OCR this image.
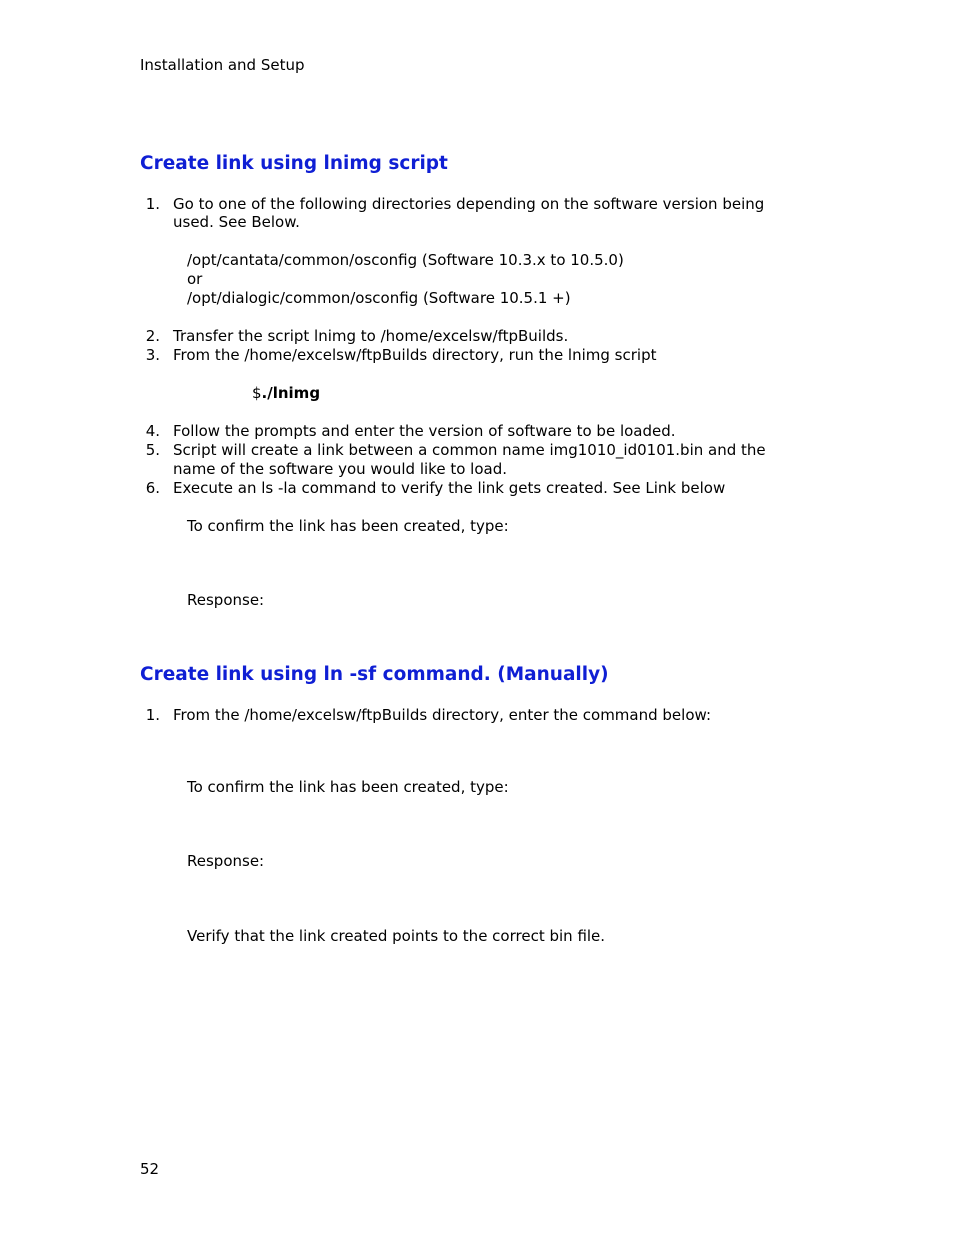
Installation and Setup
Create link using lnimg script
1. Go to one of the following directories depending on the software version being
used. See Below.
/opt/cantata/common/osconfig (Software 10.3.x to 10.5.0)
or
/opt/dialogic/common/osconfig (Software 10.5.1 +)
2. Transfer the script lnimg to /home/excelsw/ftpBuilds.
3. From the /home/excelsw/ftpBuilds directory, run the lnimg script
$./lnimg
4. Follow the prompts and enter the version of software to be loaded.
5. Script will create a link between a common name img1010_id0101.bin and the
name of the software you would like to load.
6. Execute an ls -la command to verify the link gets created. See Link below
To confirm the link has been created, type:
Response:
Create link using ln -sf command. (Manually)
1. From the /home/excelsw/ftpBuilds directory, enter the command below:
To confirm the link has been created, type:
Response:
Verify that the link created points to the correct bin file.
52
